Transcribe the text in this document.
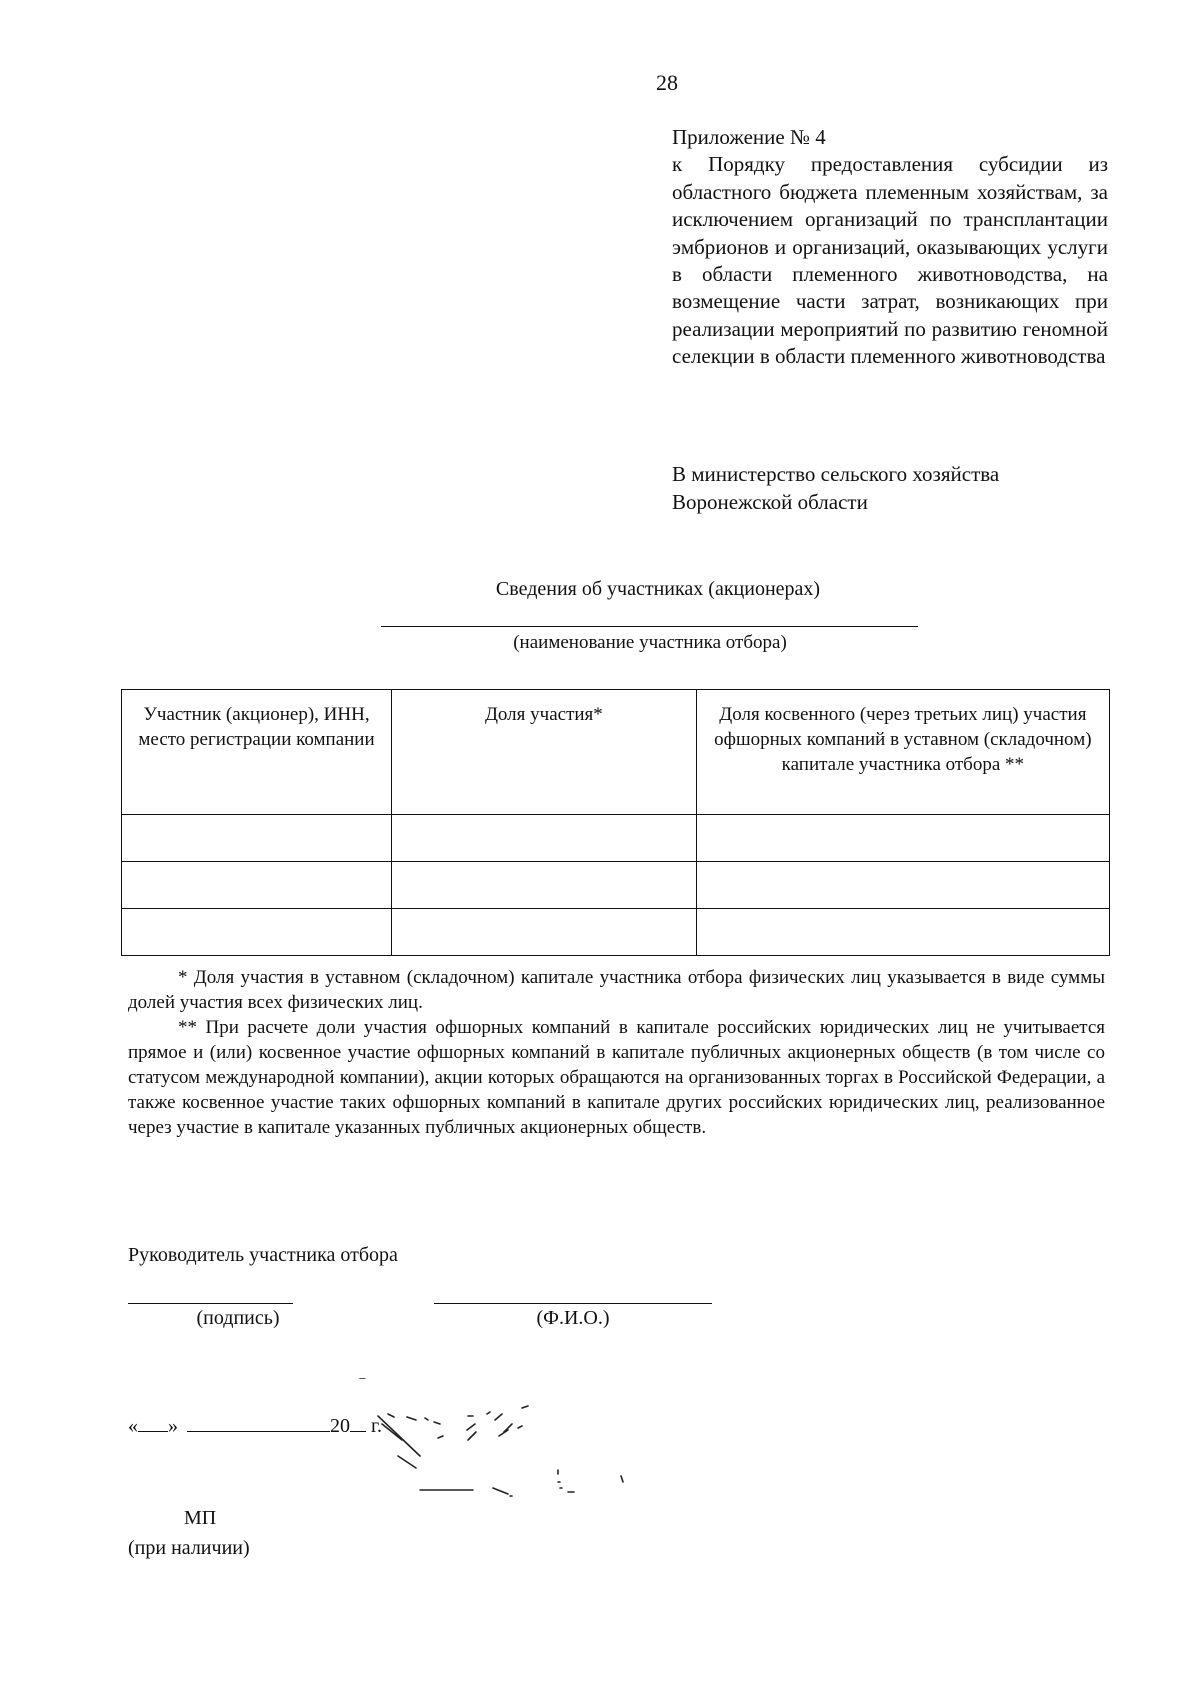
28
Приложение № 4
к Порядку предоставления субсидии из областного бюджета племенным хозяйствам, за исключением организаций по трансплантации эмбрионов и организаций, оказывающих услуги в области племенного животноводства, на возмещение части затрат, возникающих при реализации мероприятий по развитию геномной селекции в области племенного животноводства
В министерство сельского хозяйства
Воронежской области
Сведения об участниках (акционерах)
(наименование участника отбора)
Участник (акционер), ИНН, место регистрации компании	Доля участия*	Доля косвенного (через третьих лиц) участия офшорных компаний в уставном (складочном) капитале участника отбора **

* Доля участия в уставном (складочном) капитале участника отбора физических лиц указывается в виде суммы долей участия всех физических лиц.

** При расчете доли участия офшорных компаний в капитале российских юридических лиц не учитывается прямое и (или) косвенное участие офшорных компаний в капитале публичных акционерных обществ (в том числе со статусом международной компании), акции которых обращаются на организованных торгах в Российской Федерации, а также косвенное участие таких офшорных компаний в капитале других российских юридических лиц, реализованное через участие в капитале указанных публичных акционерных обществ.

Руководитель участника отбора
(подпись)	(Ф.И.О.)
« »	20 г.
МП
(при наличии)
